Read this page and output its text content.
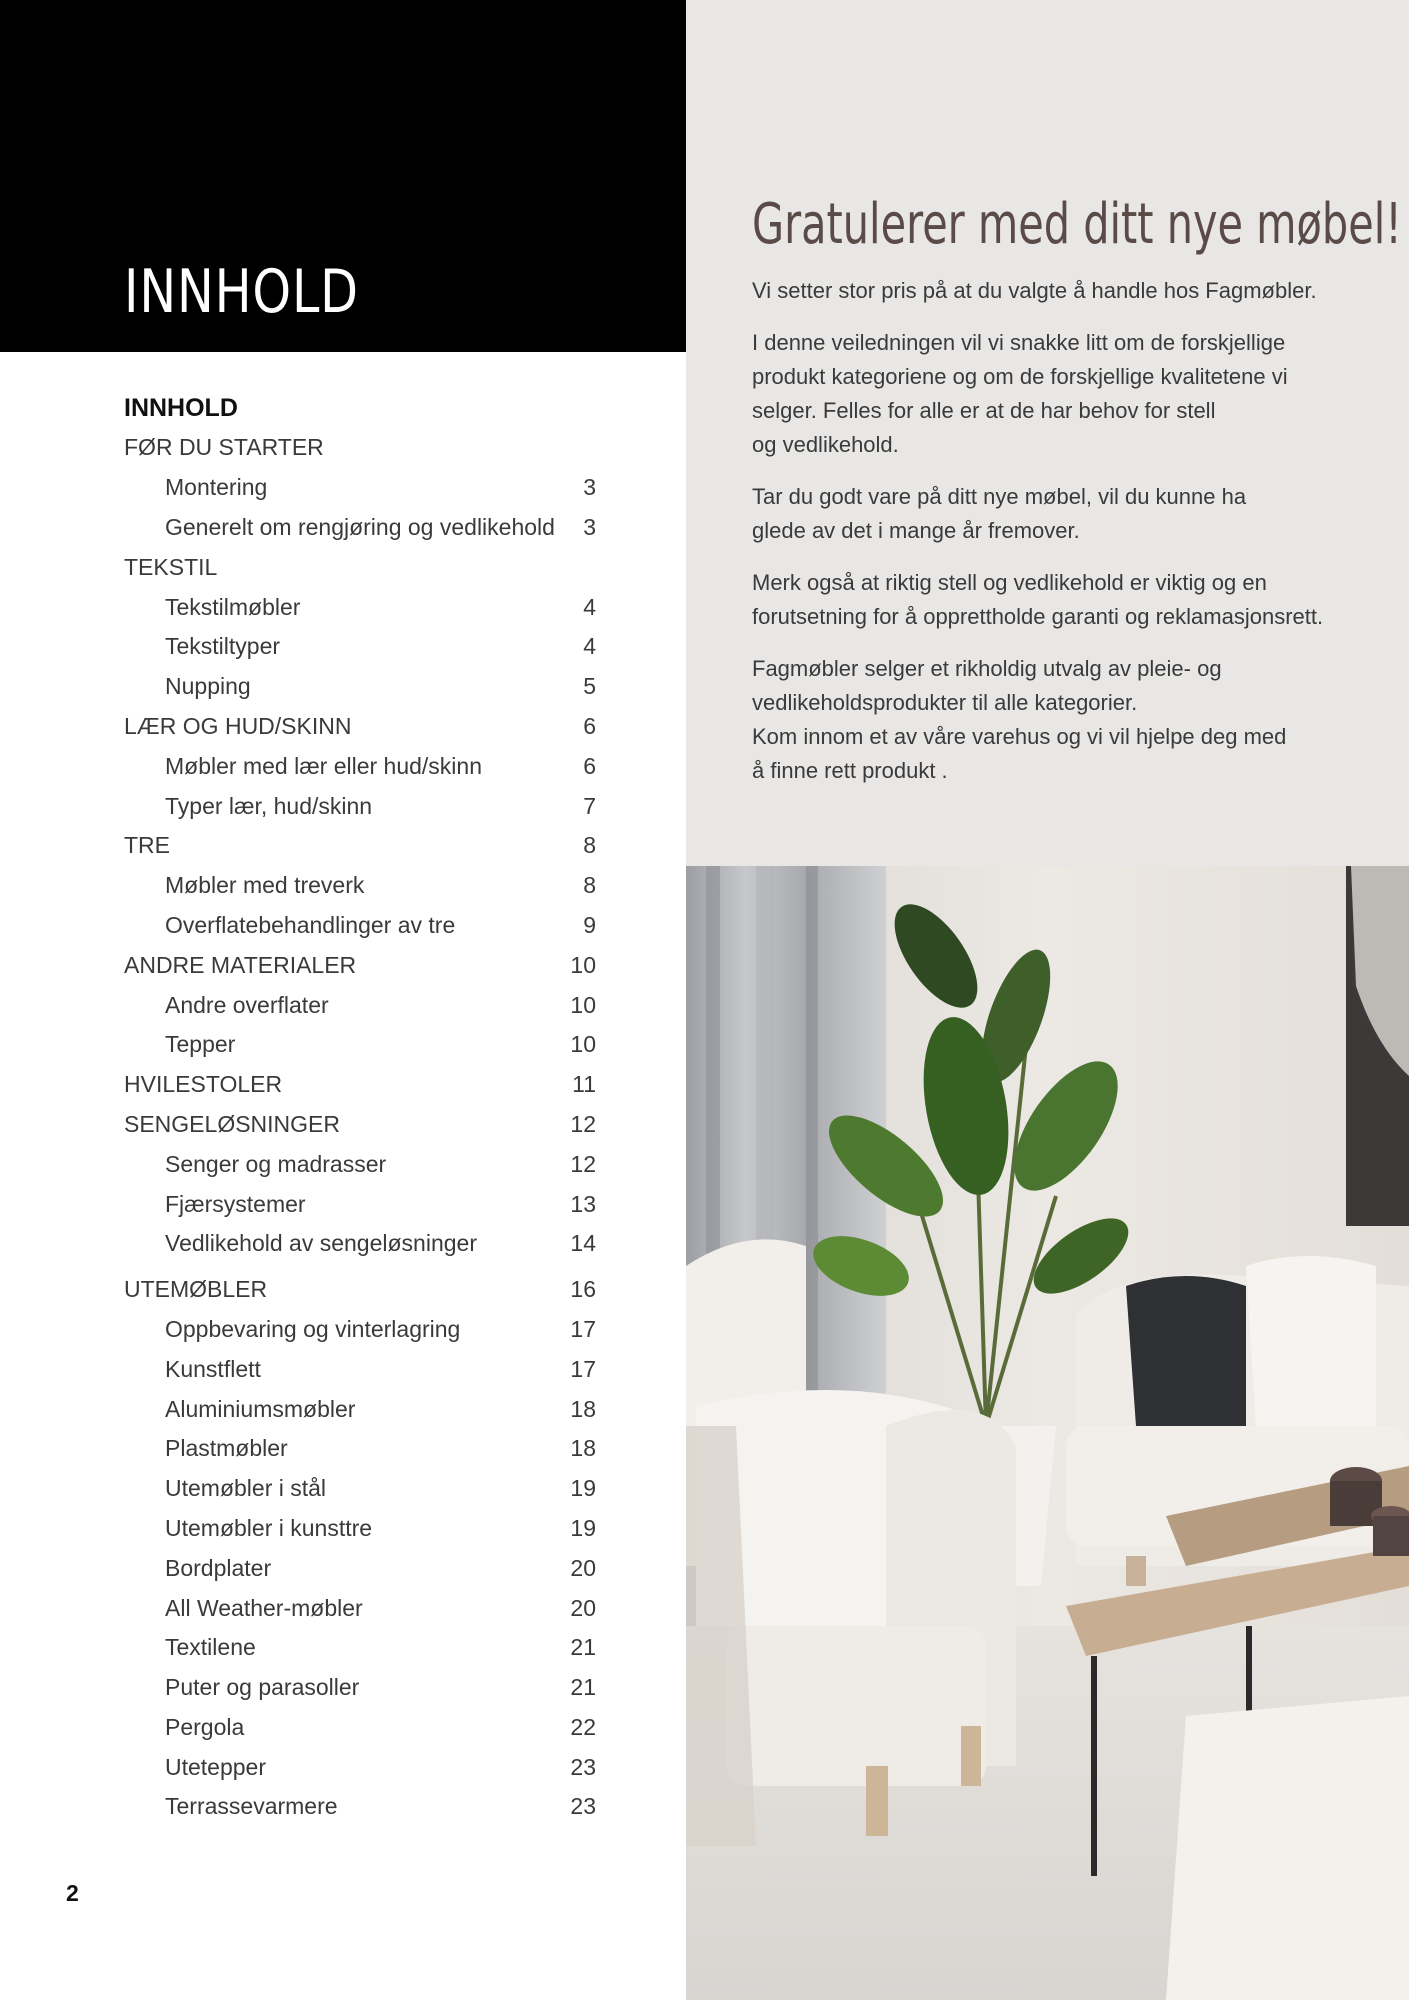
INNHOLD
INNHOLD
FØR DU STARTER
Montering	3
Generelt om rengjøring og vedlikehold	3
TEKSTIL
Tekstilmøbler	4
Tekstiltyper	4
Nupping	5
LÆR OG HUD/SKINN	6
Møbler med lær eller hud/skinn	6
Typer lær, hud/skinn	7
TRE	8
Møbler med treverk	8
Overflatebehandlinger av tre	9
ANDRE MATERIALER	10
Andre overflater	10
Tepper	10
HVILESTOLER	11
SENGELØSNINGER	12
Senger og madrasser	12
Fjærsystemer	13
Vedlikehold av sengeløsninger	14
UTEMØBLER	16
Oppbevaring og vinterlagring	17
Kunstflett	17
Aluminiumsmøbler	18
Plastmøbler	18
Utemøbler i stål	19
Utemøbler i kunsttre	19
Bordplater	20
All Weather-møbler	20
Textilene	21
Puter og parasoller	21
Pergola	22
Utetepper	23
Terrassevarmere	23
2
Gratulerer med ditt nye møbel!

Vi setter stor pris på at du valgte å handle hos Fagmøbler.

I denne veiledningen vil vi snakke litt om de forskjellige
produkt kategoriene og om de forskjellige kvalitetene vi
selger. Felles for alle er at de har behov for stell
og vedlikehold.

Tar du godt vare på ditt nye møbel, vil du kunne ha
glede av det i mange år fremover.

Merk også at riktig stell og vedlikehold er viktig og en
forutsetning for å opprettholde garanti og reklamasjonsrett.

Fagmøbler selger et rikholdig utvalg av pleie- og
vedlikeholdsprodukter til alle kategorier.
Kom innom et av våre varehus og vi vil hjelpe deg med
å finne rett produkt .
